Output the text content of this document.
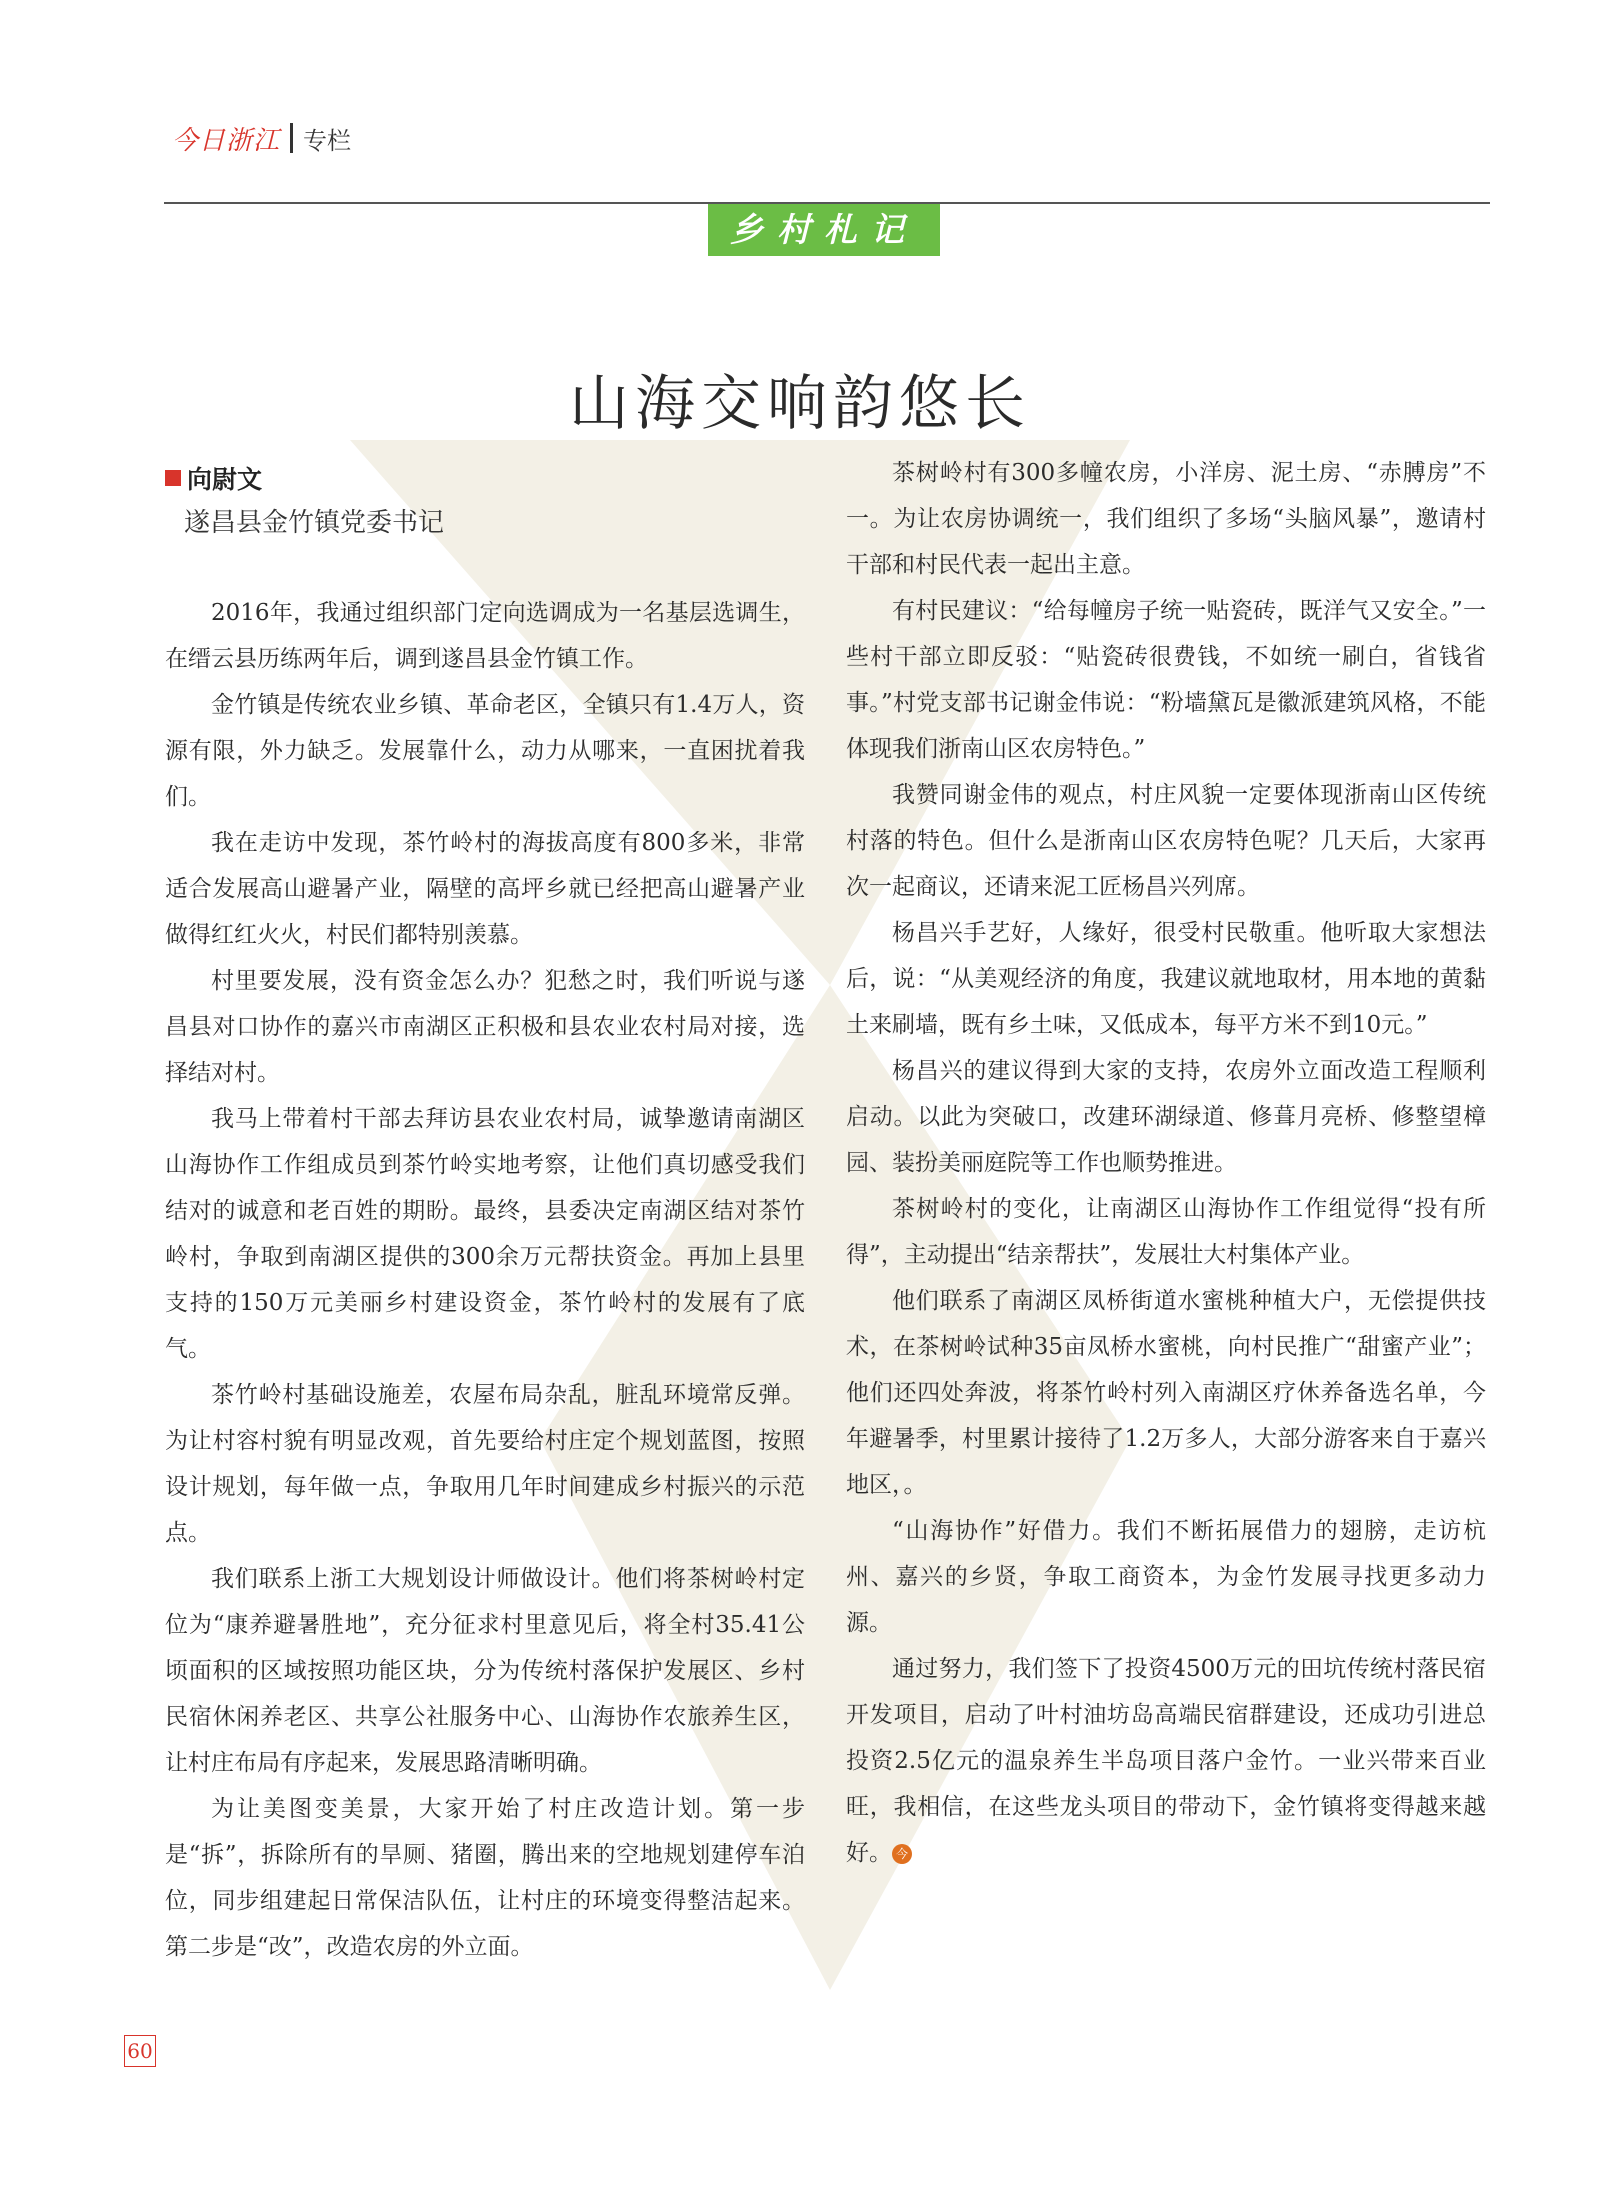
今日浙江 专栏
乡村札记
山海交响韵悠长
向尉文
遂昌县金竹镇党委书记

2016年，我通过组织部门定向选调成为一名基层选调生，在缙云县历练两年后，调到遂昌县金竹镇工作。

金竹镇是传统农业乡镇、革命老区，全镇只有1.4万人，资源有限，外力缺乏。发展靠什么，动力从哪来，一直困扰着我们。

我在走访中发现，茶竹岭村的海拔高度有800多米，非常适合发展高山避暑产业，隔壁的高坪乡就已经把高山避暑产业做得红红火火，村民们都特别羡慕。

村里要发展，没有资金怎么办？犯愁之时，我们听说与遂昌县对口协作的嘉兴市南湖区正积极和县农业农村局对接，选择结对村。

我马上带着村干部去拜访县农业农村局，诚挚邀请南湖区山海协作工作组成员到茶竹岭实地考察，让他们真切感受我们结对的诚意和老百姓的期盼。最终，县委决定南湖区结对茶竹岭村，争取到南湖区提供的300余万元帮扶资金。再加上县里支持的150万元美丽乡村建设资金，茶竹岭村的发展有了底气。

茶竹岭村基础设施差，农屋布局杂乱，脏乱环境常反弹。为让村容村貌有明显改观，首先要给村庄定个规划蓝图，按照设计规划，每年做一点，争取用几年时间建成乡村振兴的示范点。

我们联系上浙工大规划设计师做设计。他们将茶树岭村定位为“康养避暑胜地”，充分征求村里意见后，将全村35.41公顷面积的区域按照功能区块，分为传统村落保护发展区、乡村民宿休闲养老区、共享公社服务中心、山海协作农旅养生区，让村庄布局有序起来，发展思路清晰明确。

为让美图变美景，大家开始了村庄改造计划。第一步是“拆”，拆除所有的旱厕、猪圈，腾出来的空地规划建停车泊位，同步组建起日常保洁队伍，让村庄的环境变得整洁起来。第二步是“改”，改造农房的外立面。

茶树岭村有300多幢农房，小洋房、泥土房、“赤膊房”不一。为让农房协调统一，我们组织了多场“头脑风暴”，邀请村干部和村民代表一起出主意。

有村民建议：“给每幢房子统一贴瓷砖，既洋气又安全。”一些村干部立即反驳：“贴瓷砖很费钱，不如统一刷白，省钱省事。”村党支部书记谢金伟说：“粉墙黛瓦是徽派建筑风格，不能体现我们浙南山区农房特色。”

我赞同谢金伟的观点，村庄风貌一定要体现浙南山区传统村落的特色。但什么是浙南山区农房特色呢？几天后，大家再次一起商议，还请来泥工匠杨昌兴列席。

杨昌兴手艺好，人缘好，很受村民敬重。他听取大家想法后，说：“从美观经济的角度，我建议就地取材，用本地的黄黏土来刷墙，既有乡土味，又低成本，每平方米不到10元。”

杨昌兴的建议得到大家的支持，农房外立面改造工程顺利启动。以此为突破口，改建环湖绿道、修葺月亮桥、修整望樟园、装扮美丽庭院等工作也顺势推进。

茶树岭村的变化，让南湖区山海协作工作组觉得“投有所得”，主动提出“结亲帮扶”，发展壮大村集体产业。

他们联系了南湖区凤桥街道水蜜桃种植大户，无偿提供技术，在茶树岭试种35亩凤桥水蜜桃，向村民推广“甜蜜产业”；他们还四处奔波，将茶竹岭村列入南湖区疗休养备选名单，今年避暑季，村里累计接待了1.2万多人，大部分游客来自于嘉兴地区，。

“山海协作”好借力。我们不断拓展借力的翅膀，走访杭州、嘉兴的乡贤，争取工商资本，为金竹发展寻找更多动力源。

通过努力，我们签下了投资4500万元的田坑传统村落民宿开发项目，启动了叶村油坊岛高端民宿群建设，还成功引进总投资2.5亿元的温泉养生半岛项目落户金竹。一业兴带来百业旺，我相信，在这些龙头项目的带动下，金竹镇将变得越来越好。 今

60
